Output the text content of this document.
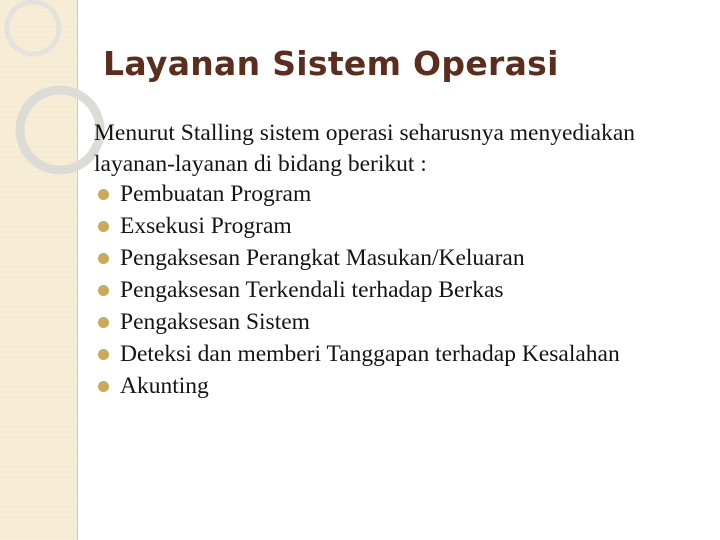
Layanan Sistem Operasi

Menurut Stalling sistem operasi seharusnya menyediakan layanan-layanan di bidang berikut :

Pembuatan Program
Exsekusi Program
Pengaksesan Perangkat Masukan/Keluaran
Pengaksesan Terkendali terhadap Berkas
Pengaksesan Sistem
Deteksi dan memberi Tanggapan terhadap Kesalahan
Akunting
